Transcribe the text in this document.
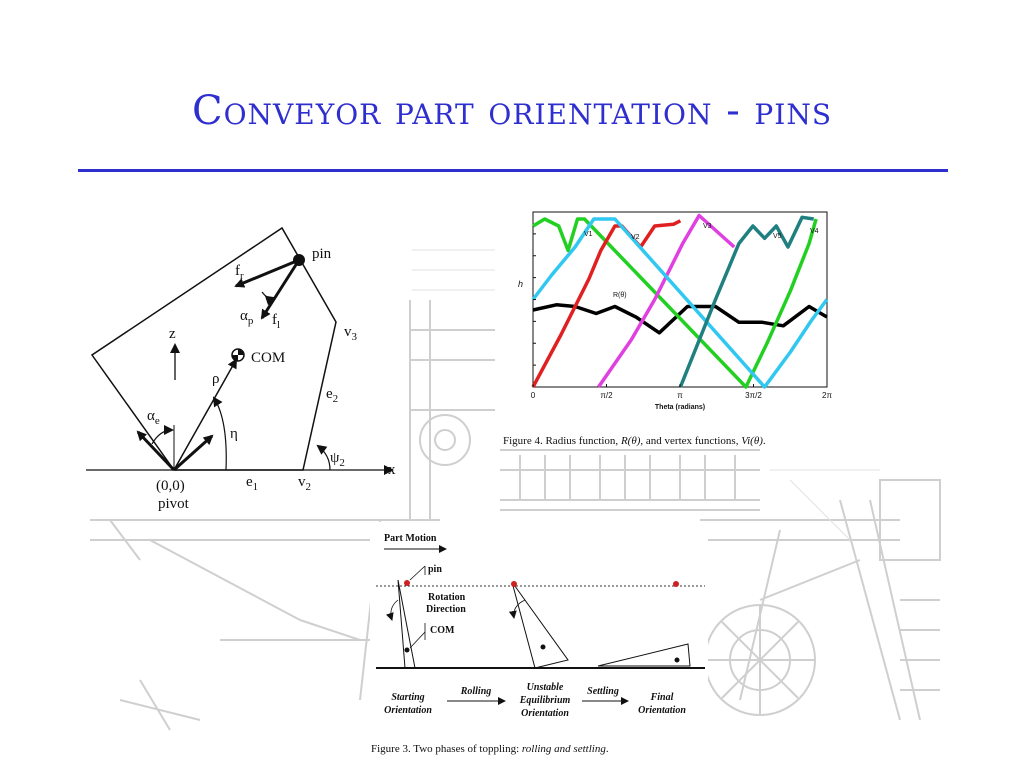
Conveyor part orientation - pins
pin
$f_r$
$\alpha_p$ $f_l$
z
COM
ρ
$v_3$
$e_2$
$\alpha_e$
η
$\psi_2$	x
(0,0)
pivot
$e_1$	$v_2$
0	π/2	π	3π/2	2π
h
Theta (radians)
V1	V2
V3
V5
V4
R(θ)
Figure 4. Radius function, R(θ), and vertex functions, Vi(θ).
Part Motion
pin
Rotation
Direction
COM
Starting
Orientation
Rolling	Unstable
Equilibrium
Orientation
Settling
Final
Orientation
Figure 3. Two phases of toppling: rolling and settling.
